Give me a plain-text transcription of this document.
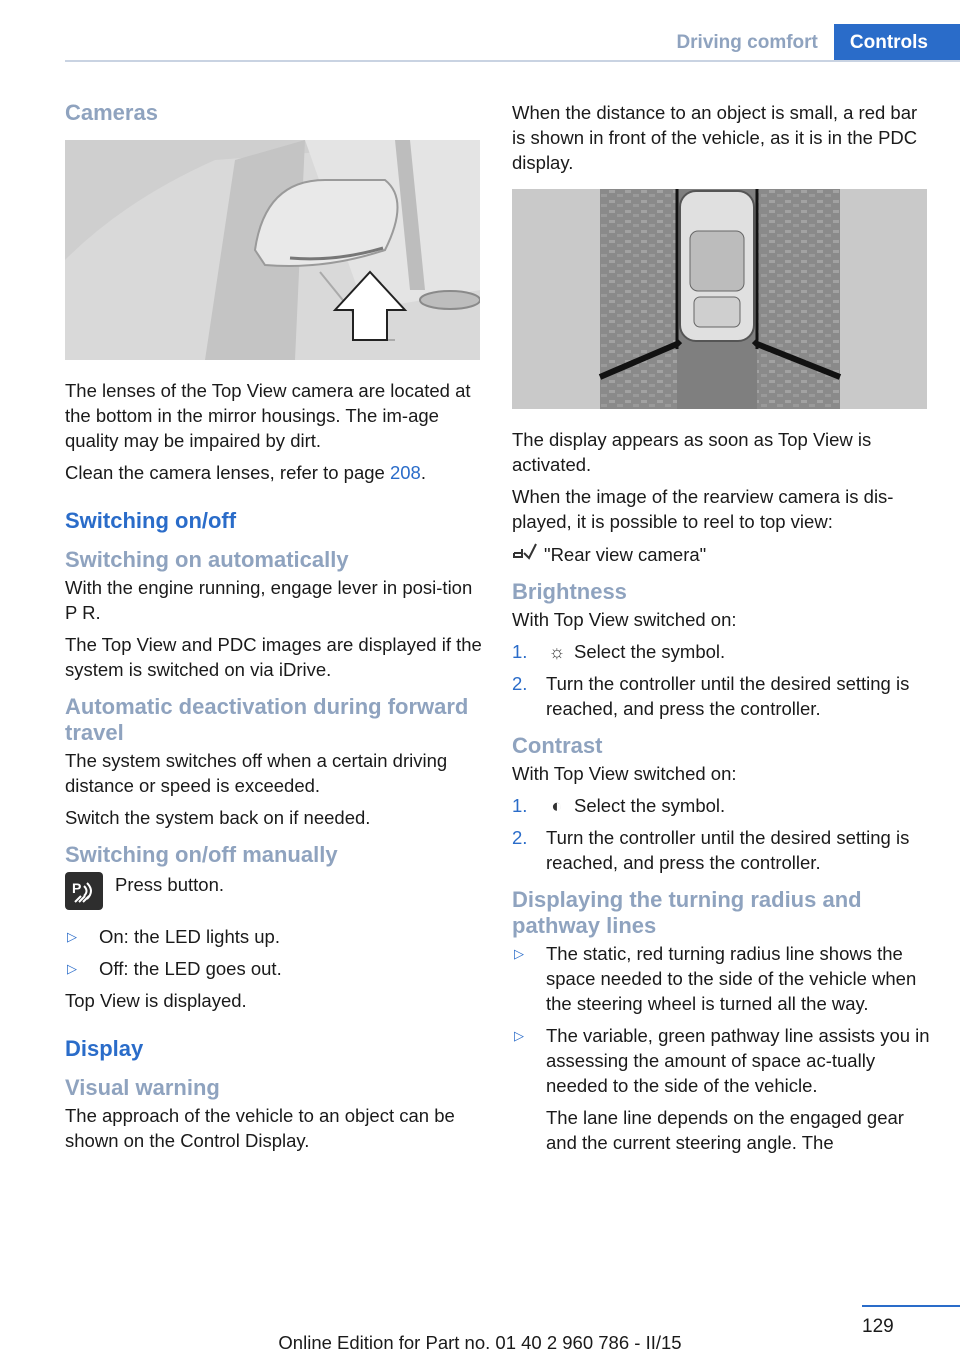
Driving comfort	Controls
Cameras

The lenses of the Top View camera are located at the bottom in the mirror housings. The im‐age quality may be impaired by dirt.

Clean the camera lenses, refer to page 208.

Switching on/off
Switching on automatically

With the engine running, engage lever in posi‐tion P R.

The Top View and PDC images are displayed if the system is switched on via iDrive.

Automatic deactivation during forward travel

The system switches off when a certain driving distance or speed is exceeded.

Switch the system back on if needed.

Switching on/off manually
P Press button.

▷ On: the LED lights up.
▷ Off: the LED goes out.

Top View is displayed.

Display
Visual warning

The approach of the vehicle to an object can be shown on the Control Display.

When the distance to an object is small, a red bar is shown in front of the vehicle, as it is in the PDC display.

The display appears as soon as Top View is activated.

When the image of the rearview camera is dis‐played, it is possible to reel to top view:

"Rear view camera"
Brightness

With Top View switched on:

1. ☼ Select the symbol.
2. Turn the controller until the desired setting is reached, and press the controller.
Contrast

With Top View switched on:

1. ◐ Select the symbol.
2. Turn the controller until the desired setting is reached, and press the controller.
Displaying the turning radius and pathway lines
▷ The static, red turning radius line shows the space needed to the side of the vehicle when the steering wheel is turned all the way.
▷ The variable, green pathway line assists you in assessing the amount of space ac‐tually needed to the side of the vehicle.

The lane line depends on the engaged gear and the current steering angle. The

129
Online Edition for Part no. 01 40 2 960 786 - II/15
